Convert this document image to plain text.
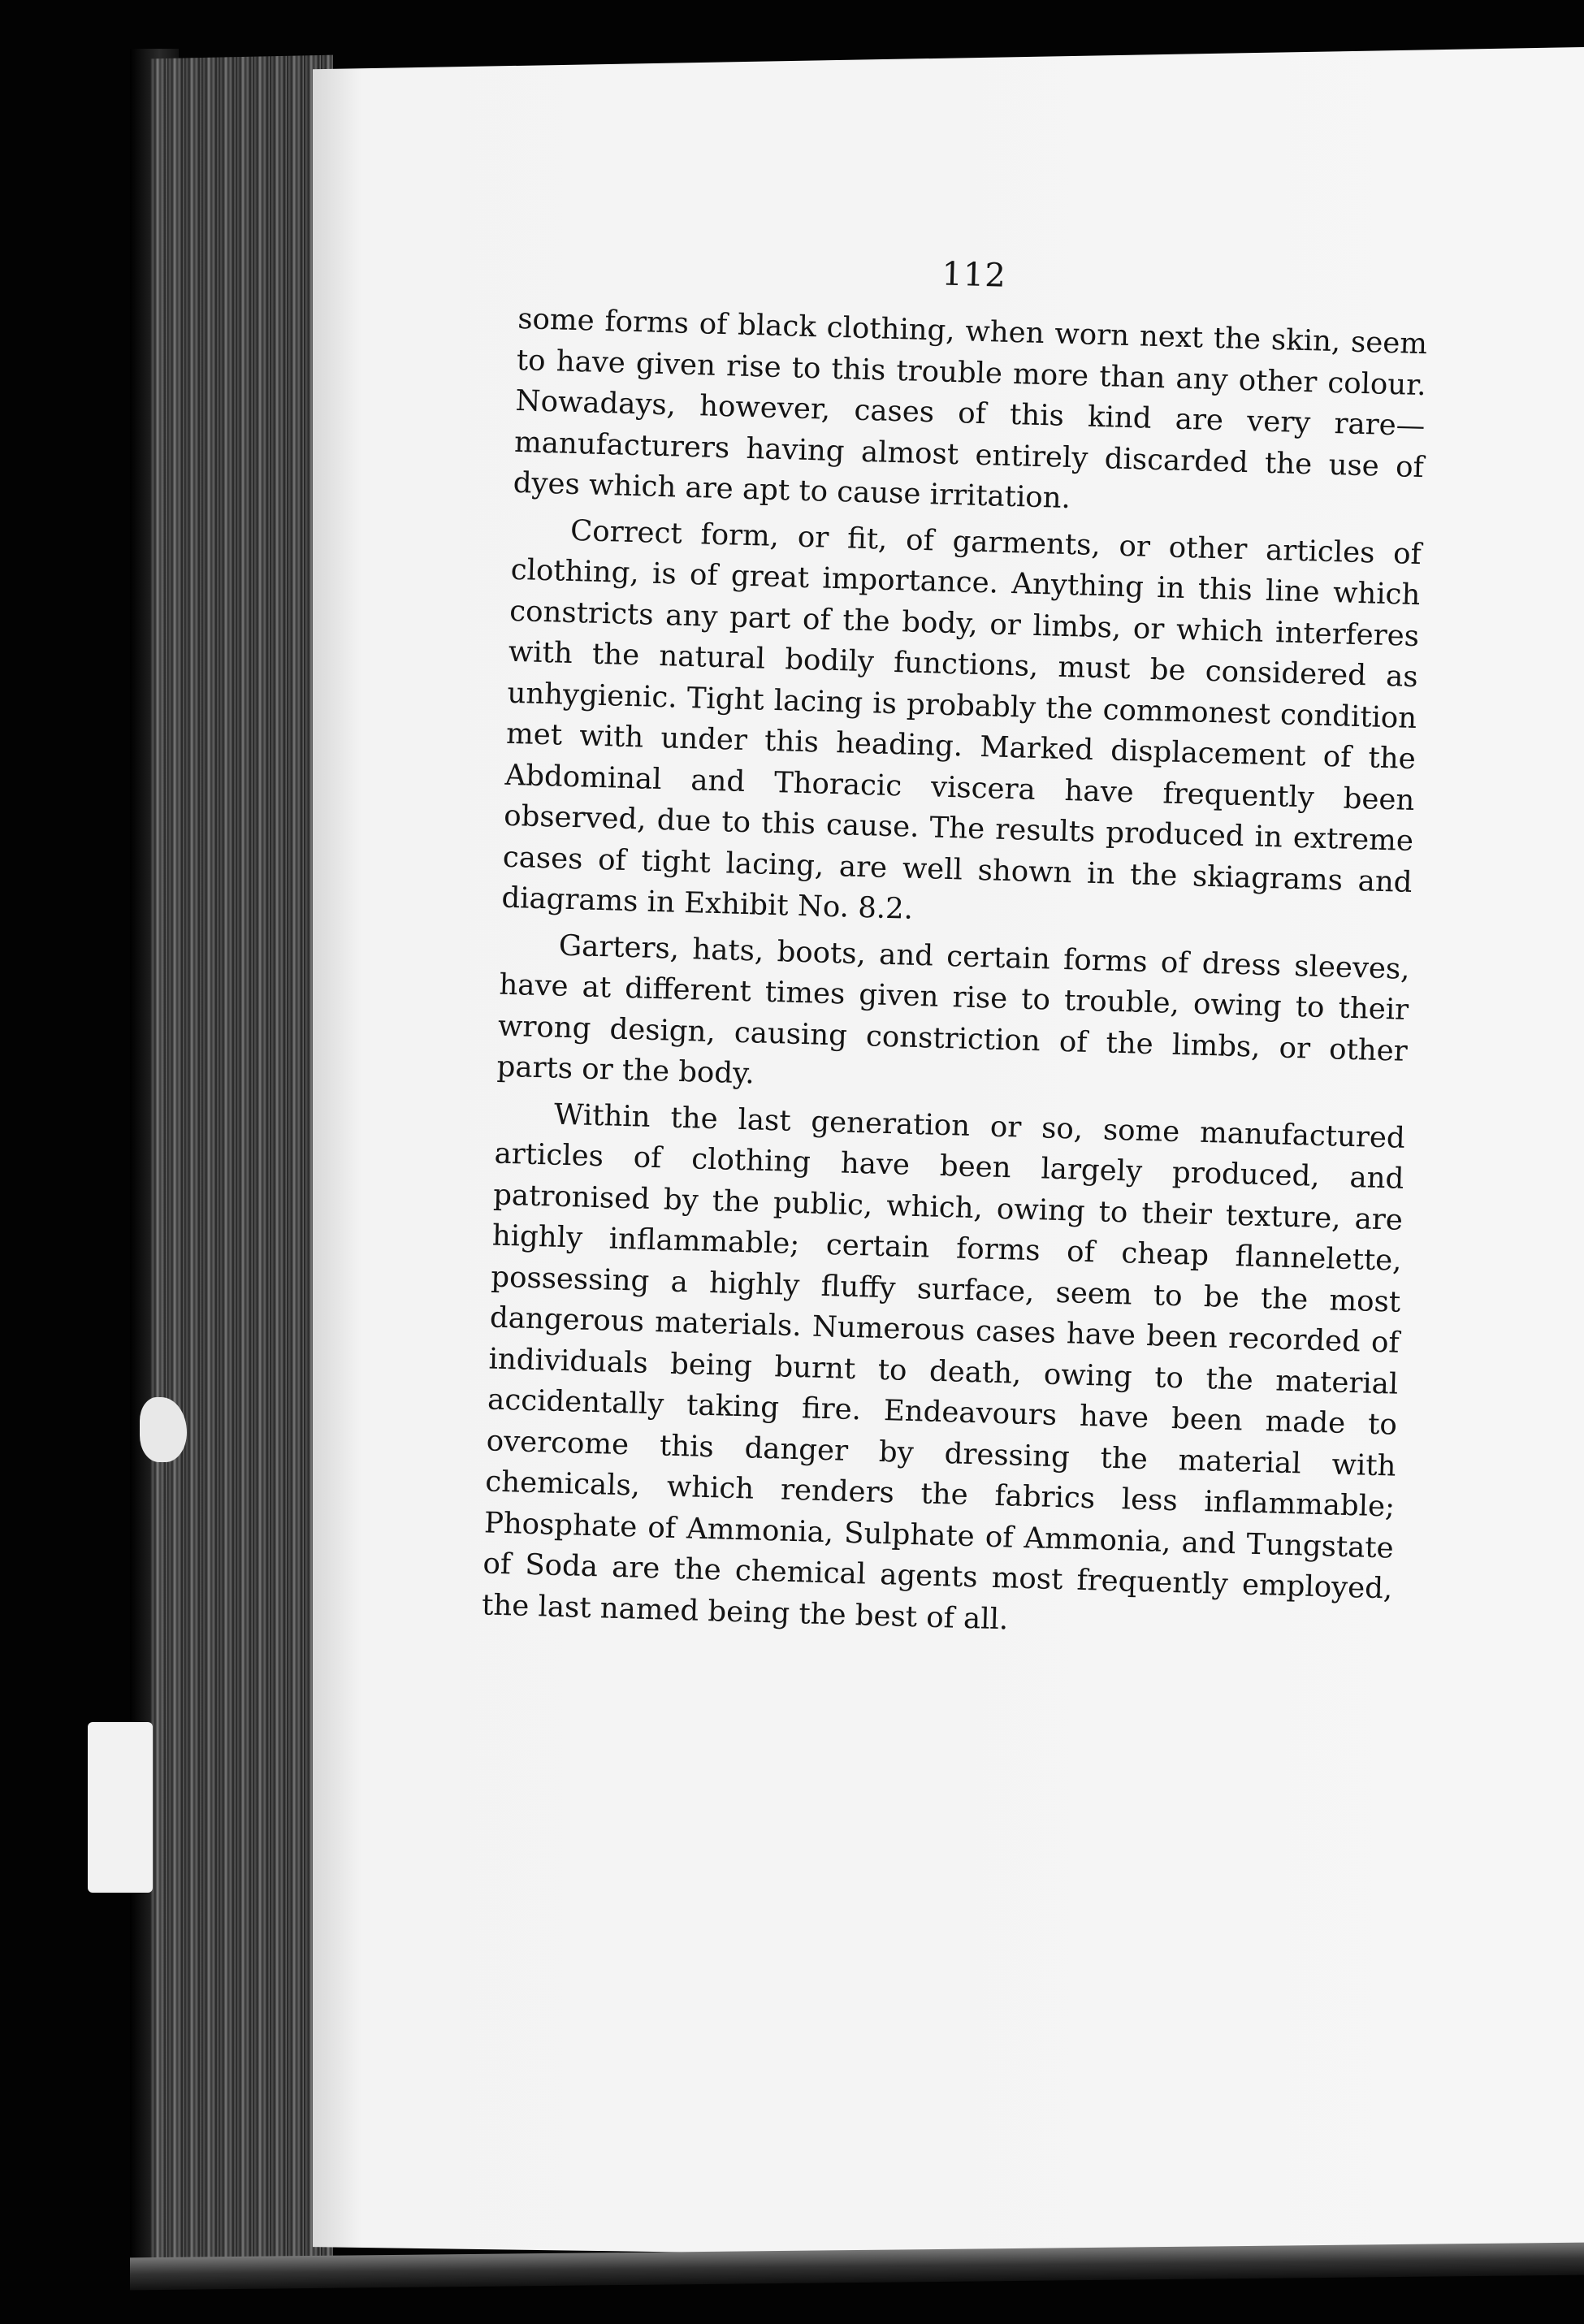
112

some forms of black clothing, when worn next the skin, seem to have given rise to this trouble more than any other colour. Nowadays, however, cases of this kind are very rare—manufacturers having almost entirely discarded the use of dyes which are apt to cause irritation.

Correct form, or fit, of garments, or other articles of clothing, is of great importance. Anything in this line which constricts any part of the body, or limbs, or which interferes with the natural bodily functions, must be considered as unhygienic. Tight lacing is probably the commonest condition met with under this heading. Marked displacement of the Abdominal and Thoracic viscera have frequently been observed, due to this cause. The results produced in extreme cases of tight lacing, are well shown in the skiagrams and diagrams in Exhibit No. 8.2.

Garters, hats, boots, and certain forms of dress sleeves, have at different times given rise to trouble, owing to their wrong design, causing constriction of the limbs, or other parts or the body.

Within the last generation or so, some manufactured articles of clothing have been largely produced, and patronised by the public, which, owing to their texture, are highly inflammable; certain forms of cheap flannelette, possessing a highly fluffy surface, seem to be the most dangerous materials. Numerous cases have been recorded of individuals being burnt to death, owing to the material accidentally taking fire. Endeavours have been made to overcome this danger by dressing the material with chemicals, which renders the fabrics less inflammable; Phosphate of Ammonia, Sulphate of Ammonia, and Tungstate of Soda are the chemical agents most frequently employed, the last named being the best of all.
